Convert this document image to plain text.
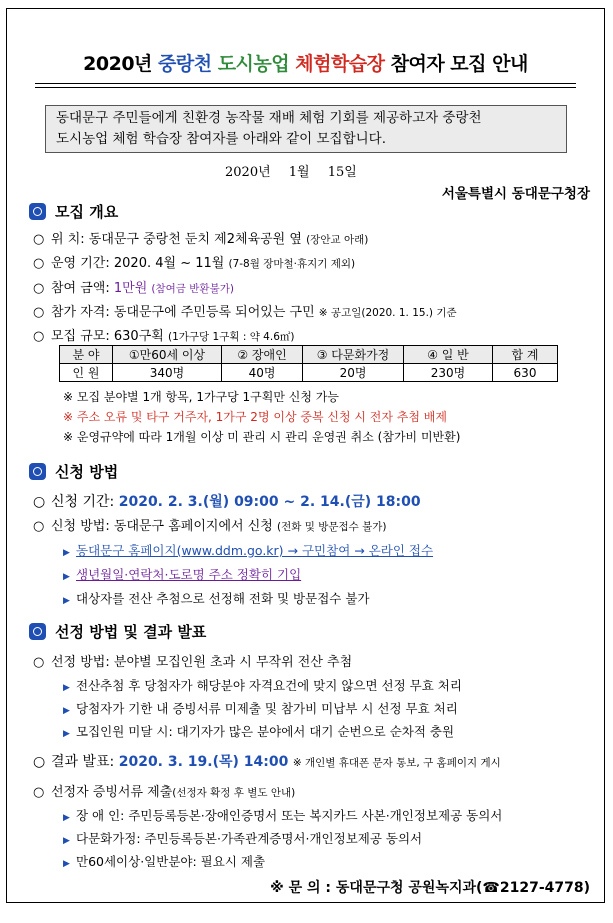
2020년 중랑천 도시농업 체험학습장 참여자 모집 안내
동대문구 주민들에게 친환경 농작물 재배 체험 기회를 제공하고자 중랑천
도시농업 체험 학습장 참여자를 아래와 같이 모집합니다.
2020년 1월 15일
서울특별시 동대문구청장
모집 개요
○ 위 치: 동대문구 중랑천 둔치 제2체육공원 옆 (장안교 아래)
○ 운영 기간: 2020. 4월 ~ 11월 (7-8월 장마철·휴지기 제외)
○ 참여 금액: 1만원 (참여금 반환불가)
○ 참가 자격: 동대문구에 주민등록 되어있는 구민 ※ 공고일(2020. 1. 15.) 기준
○ 모집 규모: 630구획 (1가구당 1구획 : 약 4.6㎡)
분 야	①만60세 이상	② 장애인	③ 다문화가정	④ 일 반	합 계
인 원	340명	40명	20명	230명	630
※ 모집 분야별 1개 항목, 1가구당 1구획만 신청 가능
※ 주소 오류 및 타구 거주자, 1가구 2명 이상 중복 신청 시 전자 추첨 배제
※ 운영규약에 따라 1개월 이상 미 관리 시 관리 운영권 취소 (참가비 미반환)
신청 방법
○ 신청 기간: 2020. 2. 3.(월) 09:00 ~ 2. 14.(금) 18:00
○ 신청 방법: 동대문구 홈페이지에서 신청 (전화 및 방문접수 불가)
▶ 동대문구 홈페이지(www.ddm.go.kr) → 구민참여 → 온라인 접수
▶ 생년월일·연락처·도로명 주소 정확히 기입
▶ 대상자를 전산 추첨으로 선정해 전화 및 방문접수 불가
선정 방법 및 결과 발표
○ 선정 방법: 분야별 모집인원 초과 시 무작위 전산 추첨
▶ 전산추첨 후 당첨자가 해당분야 자격요건에 맞지 않으면 선정 무효 처리
▶ 당첨자가 기한 내 증빙서류 미제출 및 참가비 미납부 시 선정 무효 처리
▶ 모집인원 미달 시: 대기자가 많은 분야에서 대기 순번으로 순차적 충원
○ 결과 발표: 2020. 3. 19.(목) 14:00 ※ 개인별 휴대폰 문자 통보, 구 홈페이지 게시
○ 선정자 증빙서류 제출(선정자 확정 후 별도 안내)
▶ 장 애 인: 주민등록등본·장애인증명서 또는 복지카드 사본·개인정보제공 동의서
▶ 다문화가정: 주민등록등본·가족관계증명서·개인정보제공 동의서
▶ 만60세이상·일반분야: 필요시 제출
※ 문 의 : 동대문구청 공원녹지과(☎2127-4778)
